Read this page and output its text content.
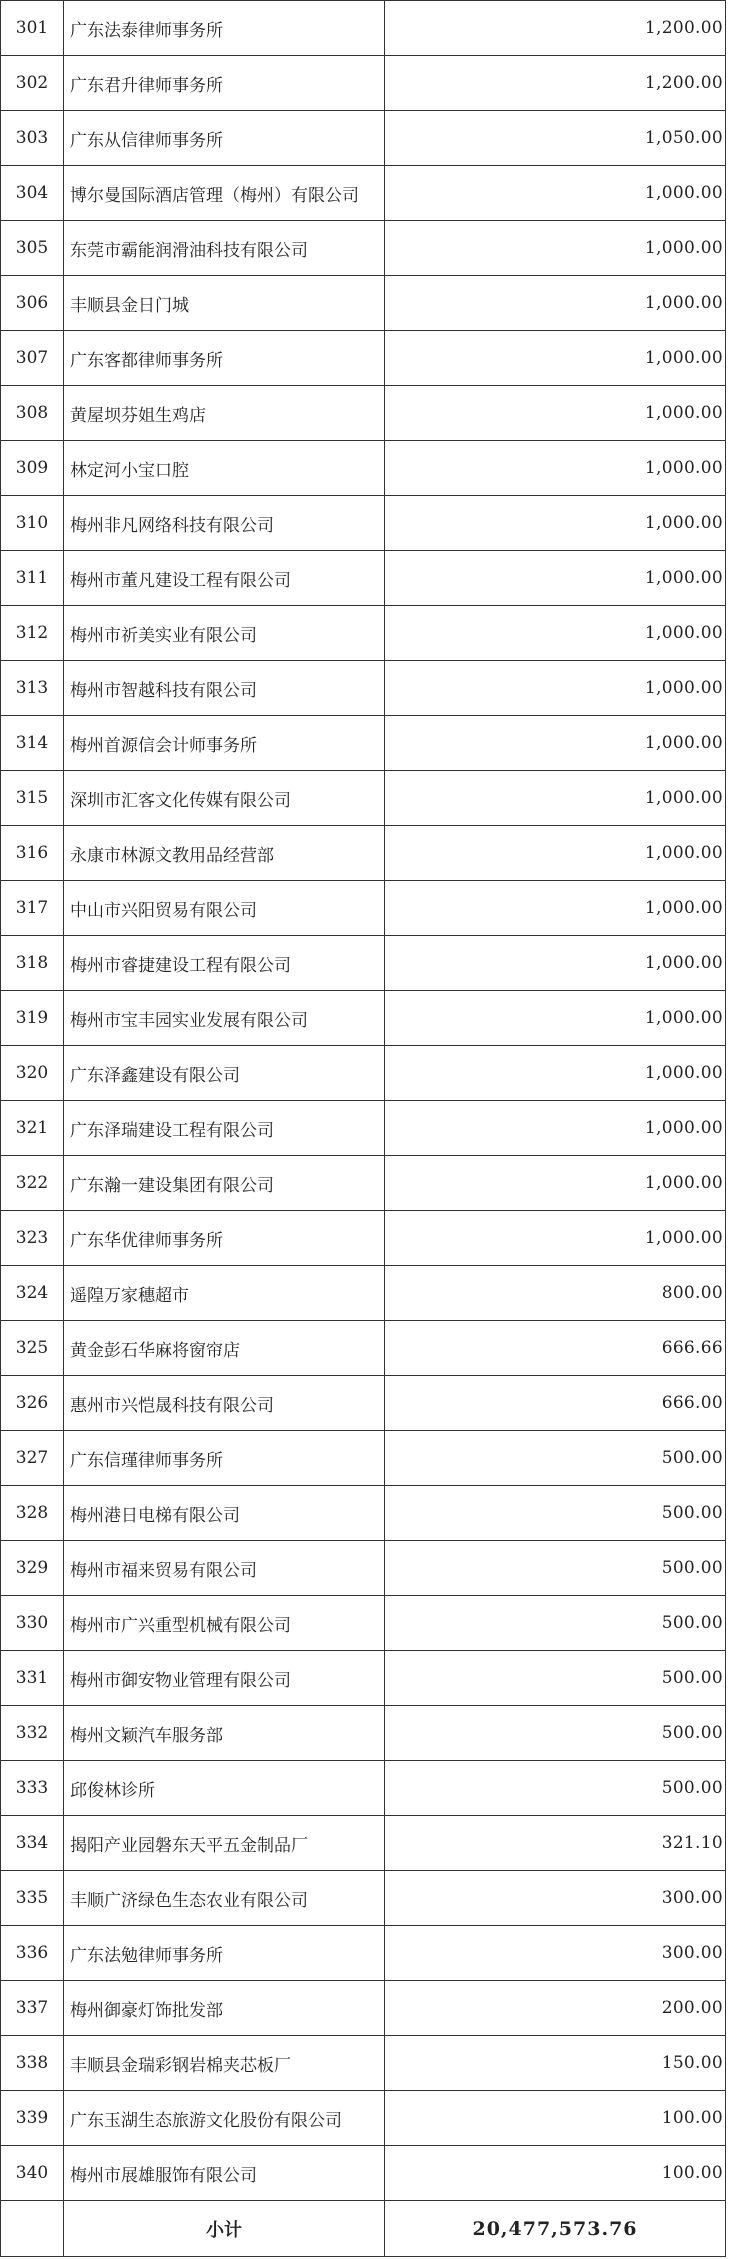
301	广东法泰律师事务所	1,200.00
302	广东君升律师事务所	1,200.00
303	广东从信律师事务所	1,050.00
304	博尔曼国际酒店管理（梅州）有限公司	1,000.00
305	东莞市霸能润滑油科技有限公司	1,000.00
306	丰顺县金日门城	1,000.00
307	广东客都律师事务所	1,000.00
308	黄屋坝芬姐生鸡店	1,000.00
309	林定河小宝口腔	1,000.00
310	梅州非凡网络科技有限公司	1,000.00
311	梅州市董凡建设工程有限公司	1,000.00
312	梅州市祈美实业有限公司	1,000.00
313	梅州市智越科技有限公司	1,000.00
314	梅州首源信会计师事务所	1,000.00
315	深圳市汇客文化传媒有限公司	1,000.00
316	永康市林源文教用品经营部	1,000.00
317	中山市兴阳贸易有限公司	1,000.00
318	梅州市睿捷建设工程有限公司	1,000.00
319	梅州市宝丰园实业发展有限公司	1,000.00
320	广东泽鑫建设有限公司	1,000.00
321	广东泽瑞建设工程有限公司	1,000.00
322	广东瀚一建设集团有限公司	1,000.00
323	广东华优律师事务所	1,000.00
324	遥隍万家穗超市	800.00
325	黄金彭石华麻将窗帘店	666.66
326	惠州市兴恺晟科技有限公司	666.00
327	广东信瑾律师事务所	500.00
328	梅州港日电梯有限公司	500.00
329	梅州市福来贸易有限公司	500.00
330	梅州市广兴重型机械有限公司	500.00
331	梅州市御安物业管理有限公司	500.00
332	梅州文颖汽车服务部	500.00
333	邱俊林诊所	500.00
334	揭阳产业园磐东天平五金制品厂	321.10
335	丰顺广济绿色生态农业有限公司	300.00
336	广东法勉律师事务所	300.00
337	梅州御豪灯饰批发部	200.00
338	丰顺县金瑞彩钢岩棉夹芯板厂	150.00
339	广东玉湖生态旅游文化股份有限公司	100.00
340	梅州市展雄服饰有限公司	100.00
	小计	20,477,573.76
